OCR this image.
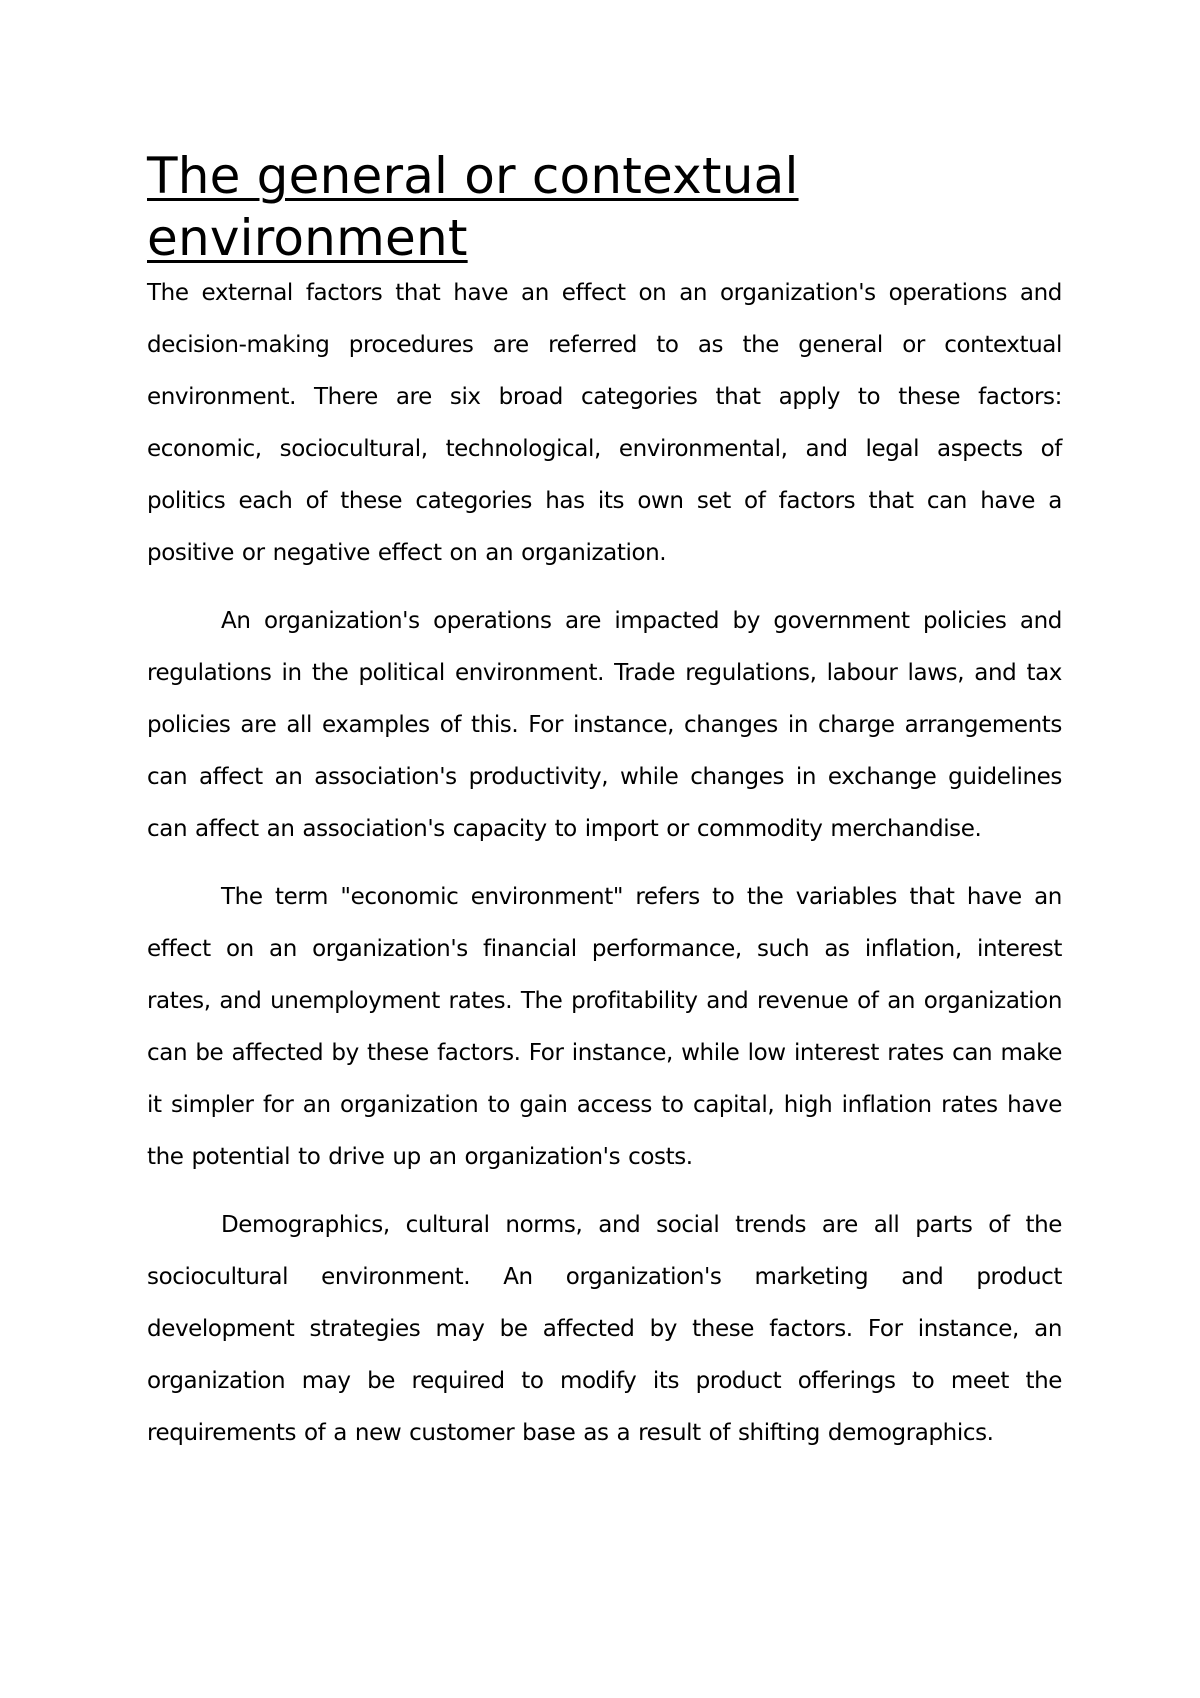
The general or contextual environment

The external factors that have an effect on an organization's operations and decision-making procedures are referred to as the general or contextual environment. There are six broad categories that apply to these factors: economic, sociocultural, technological, environmental, and legal aspects of politics each of these categories has its own set of factors that can have a positive or negative effect on an organization.

An organization's operations are impacted by government policies and regulations in the political environment. Trade regulations, labour laws, and tax policies are all examples of this. For instance, changes in charge arrangements can affect an association's productivity, while changes in exchange guidelines can affect an association's capacity to import or commodity merchandise.

The term "economic environment" refers to the variables that have an effect on an organization's financial performance, such as inflation, interest rates, and unemployment rates. The profitability and revenue of an organization can be affected by these factors. For instance, while low interest rates can make it simpler for an organization to gain access to capital, high inflation rates have the potential to drive up an organization's costs.

Demographics, cultural norms, and social trends are all parts of the sociocultural environment. An organization's marketing and product development strategies may be affected by these factors. For instance, an organization may be required to modify its product offerings to meet the requirements of a new customer base as a result of shifting demographics.
